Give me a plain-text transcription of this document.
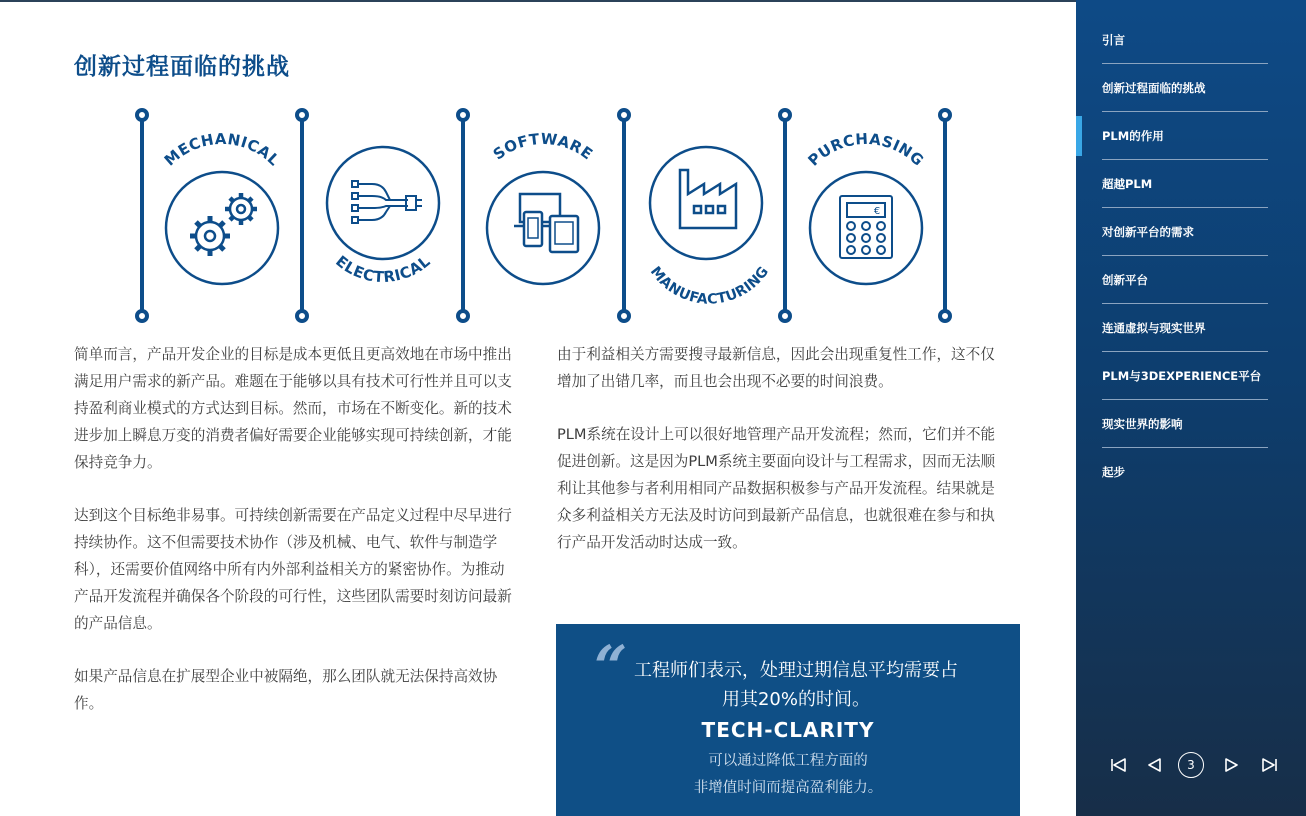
创新过程面临的挑战
MECHANICAL
ELECTRICAL
SOFTWARE
MANUFACTURING
PURCHASING
€

简单而言，产品开发企业的目标是成本更低且更高效地在市场中推出满足用户需求的新产品。难题在于能够以具有技术可行性并且可以支持盈利商业模式的方式达到目标。然而，市场在不断变化。新的技术进步加上瞬息万变的消费者偏好需要企业能够实现可持续创新，才能保持竞争力。

达到这个目标绝非易事。可持续创新需要在产品定义过程中尽早进行持续协作。这不但需要技术协作（涉及机械、电气、软件与制造学科），还需要价值网络中所有内外部利益相关方的紧密协作。为推动产品开发流程并确保各个阶段的可行性，这些团队需要时刻访问最新的产品信息。

如果产品信息在扩展型企业中被隔绝，那么团队就无法保持高效协作。

由于利益相关方需要搜寻最新信息，因此会出现重复性工作，这不仅增加了出错几率，而且也会出现不必要的时间浪费。

PLM系统在设计上可以很好地管理产品开发流程；然而，它们并不能促进创新。这是因为PLM系统主要面向设计与工程需求，因而无法顺利让其他参与者利用相同产品数据积极参与产品开发流程。结果就是众多利益相关方无法及时访问到最新产品信息，也就很难在参与和执行产品开发活动时达成一致。

“ 工程师们表示，处理过期信息平均需要占用其20%的时间。
TECH-CLARITY
可以通过降低工程方面的
非增值时间而提高盈利能力。
引言
创新过程面临的挑战
PLM的作用
超越PLM
对创新平台的需求
创新平台
连通虚拟与现实世界
PLM与3DEXPERIENCE平台
现实世界的影响
起步
3
